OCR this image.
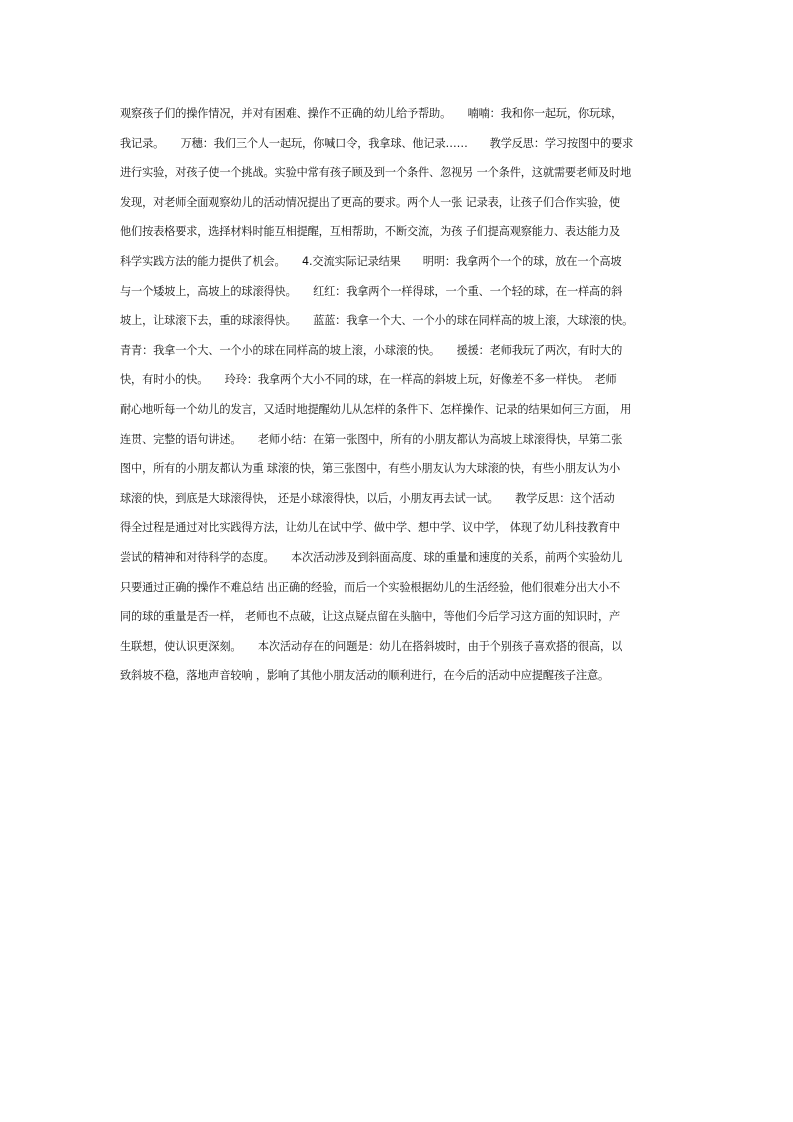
观察孩子们的操作情况，并对有困难、操作不正确的幼儿给予帮助。　　喃喃：我和你一起玩，你玩球，
我记录。　　万穗：我们三个人一起玩，你喊口令，我拿球、他记录……　　教学反思：学习按图中的要求
进行实验，对孩子使一个挑战。实验中常有孩子顾及到一个条件、忽视另 一个条件，这就需要老师及时地
发现，对老师全面观察幼儿的活动情况提出了更高的要求。两个人一张 记录表，让孩子们合作实验，使
他们按表格要求，选择材料时能互相提醒，互相帮助，不断交流，为孩 子们提高观察能力、表达能力及
科学实践方法的能力提供了机会。　　4.交流实际记录结果　　明明：我拿两个一个的球，放在一个高坡
与一个矮坡上，高坡上的球滚得快。　　红红：我拿两个一样得球，一个重、一个轻的球，在一样高的斜
坡上，让球滚下去，重的球滚得快。　　蓝蓝：我拿一个大、一个小的球在同样高的坡上滚，大球滚的快。
青青：我拿一个大、一个小的球在同样高的坡上滚，小球滚的快。　　援援：老师我玩了两次，有时大的
快，有时小的快。　　玲玲：我拿两个大小不同的球，在一样高的斜坡上玩，好像差不多一样快。　老师
耐心地听每一个幼儿的发言，又适时地提醒幼儿从怎样的条件下、怎样操作、记录的结果如何三方面， 用
连贯、完整的语句讲述。　　老师小结：在第一张图中，所有的小朋友都认为高坡上球滚得快，早第二张
图中，所有的小朋友都认为重 球滚的快，第三张图中，有些小朋友认为大球滚的快，有些小朋友认为小
球滚的快，到底是大球滚得快， 还是小球滚得快，以后，小朋友再去试一试。　　教学反思：这个活动
得全过程是通过对比实践得方法，让幼儿在试中学、做中学、想中学、议中学， 体现了幼儿科技教育中
尝试的精神和对待科学的态度。　　本次活动涉及到斜面高度、球的重量和速度的关系，前两个实验幼儿
只要通过正确的操作不难总结 出正确的经验，而后一个实验根据幼儿的生活经验，他们很难分出大小不
同的球的重量是否一样， 老师也不点破，让这点疑点留在头脑中，等他们今后学习这方面的知识时，产
生联想，使认识更深刻。　　本次活动存在的问题是：幼儿在搭斜坡时，由于个别孩子喜欢搭的很高，以
致斜坡不稳，落地声音较响 ，影响了其他小朋友活动的顺利进行，在今后的活动中应提醒孩子注意。
